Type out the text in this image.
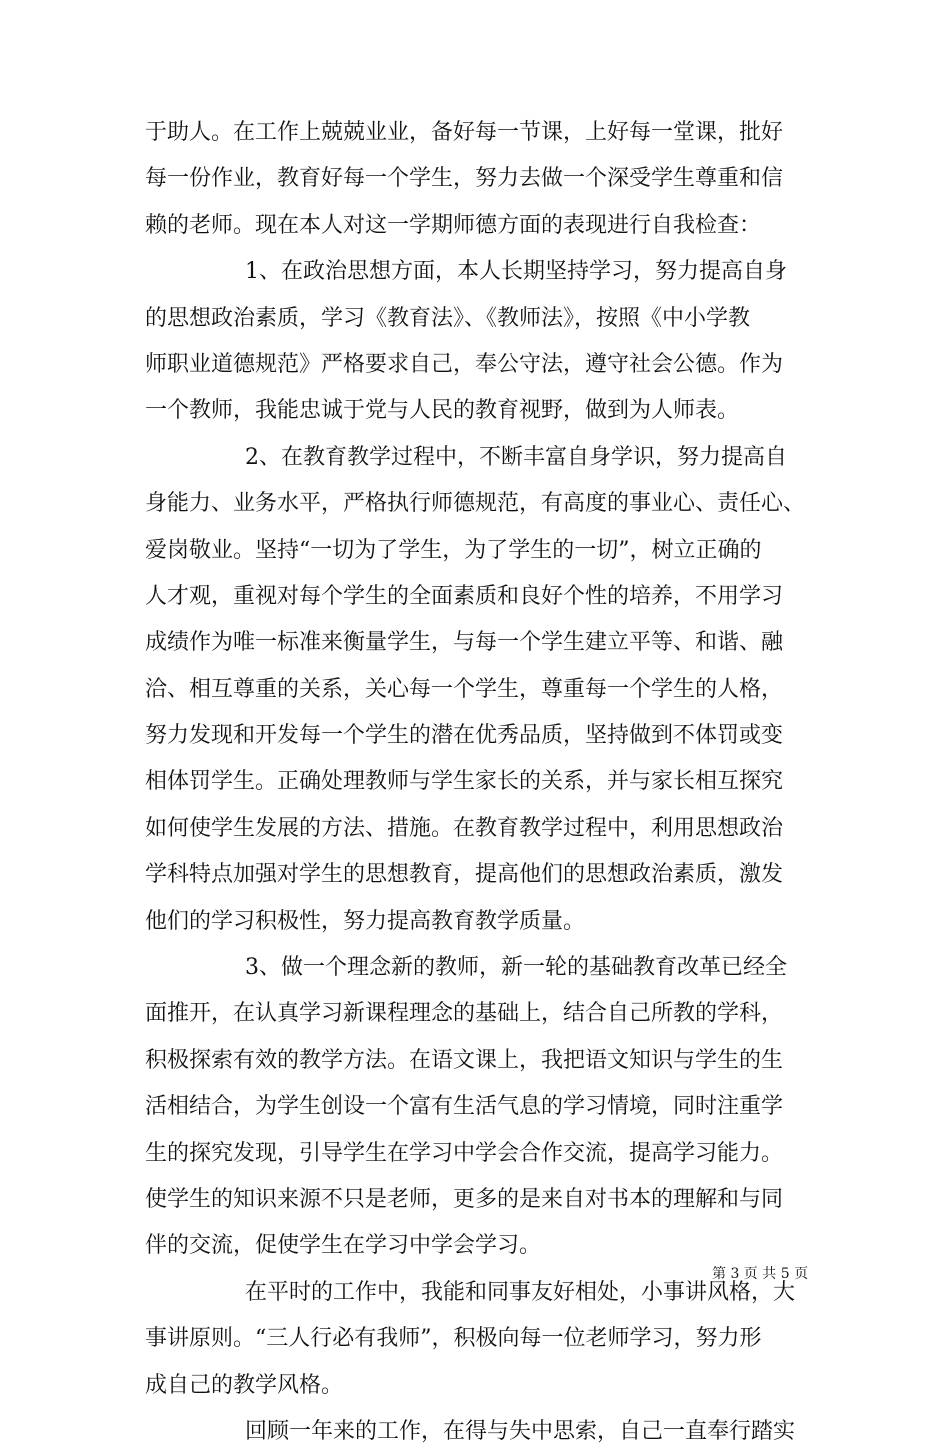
于助人。在工作上兢兢业业，备好每一节课，上好每一堂课，批好
每一份作业，教育好每一个学生，努力去做一个深受学生尊重和信
赖的老师。现在本人对这一学期师德方面的表现进行自我检查：
1、在政治思想方面，本人长期坚持学习，努力提高自身
的思想政治素质，学习《教育法》、《教师法》，按照《中小学教
师职业道德规范》严格要求自己，奉公守法，遵守社会公德。作为
一个教师，我能忠诚于党与人民的教育视野，做到为人师表。
2、在教育教学过程中，不断丰富自身学识，努力提高自
身能力、业务水平，严格执行师德规范，有高度的事业心、责任心、
爱岗敬业。坚持“一切为了学生，为了学生的一切”，树立正确的
人才观，重视对每个学生的全面素质和良好个性的培养，不用学习
成绩作为唯一标准来衡量学生，与每一个学生建立平等、和谐、融
洽、相互尊重的关系，关心每一个学生，尊重每一个学生的人格，
努力发现和开发每一个学生的潜在优秀品质，坚持做到不体罚或变
相体罚学生。正确处理教师与学生家长的关系，并与家长相互探究
如何使学生发展的方法、措施。在教育教学过程中，利用思想政治
学科特点加强对学生的思想教育，提高他们的思想政治素质，激发
他们的学习积极性，努力提高教育教学质量。
3、做一个理念新的教师，新一轮的基础教育改革已经全
面推开，在认真学习新课程理念的基础上，结合自己所教的学科，
积极探索有效的教学方法。在语文课上，我把语文知识与学生的生
活相结合，为学生创设一个富有生活气息的学习情境，同时注重学
生的探究发现，引导学生在学习中学会合作交流，提高学习能力。
使学生的知识来源不只是老师，更多的是来自对书本的理解和与同
伴的交流，促使学生在学习中学会学习。
在平时的工作中，我能和同事友好相处，小事讲风格，大
事讲原则。“三人行必有我师”，积极向每一位老师学习，努力形
成自己的教学风格。
回顾一年来的工作，在得与失中思索，自己一直奉行踏实
第 3 页 共 5 页
